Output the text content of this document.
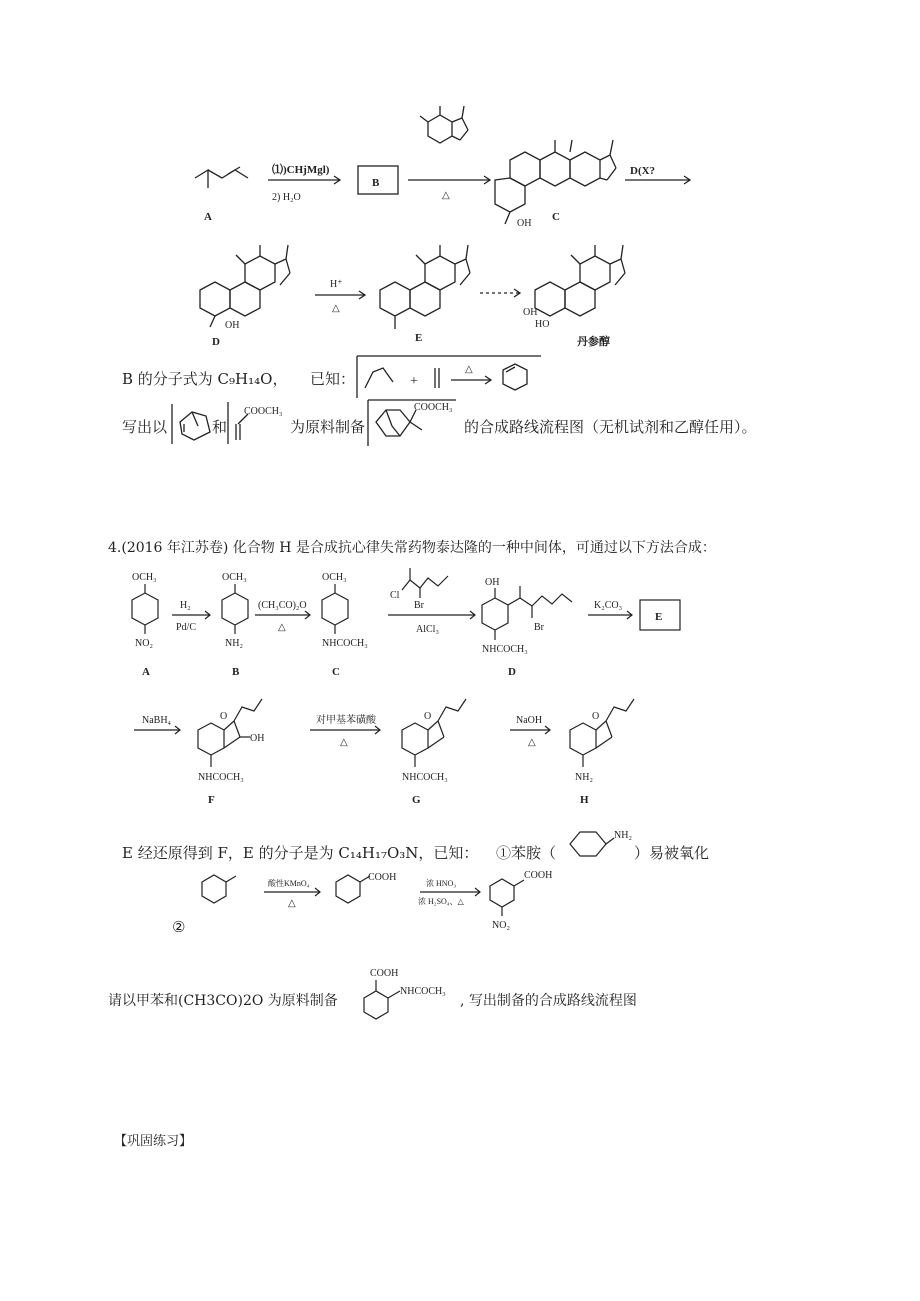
⑴)CHjMgl)
2) H₂O
B
△
D(X?
A	C
OH
H⁺
△
OH
D	E
OH
HO
丹参醇
B 的分子式为 C₉H₁₄O， 已知：	+
△
写出以	和
COOCH₃
为原料制备
COOCH₃
的合成路线流程图（无机试剂和乙醇任用）。
4.(2016 年江苏卷) 化合物 H 是合成抗心律失常药物泰达隆的一种中间体，可通过以下方法合成：
OCH₃
NO₂
A
H₂
Pd/C
OCH₃
NH₂
B
(CH₃CO)₂O
△
OCH₃
NHCOCH₃
C
Cl
Br
AlCl₃
OH
Br
NHCOCH₃
D
K₂CO₃
E
NaBH₄	O
OH
NHCOCH₃
F
对甲基苯磺酸
△
O
NHCOCH₃
G
NaOH
△
O
NH₂
H
E 经还原得到 F，E 的分子是为 C₁₄H₁₇O₃N，已知： ①苯胺（
NH₂
）易被氧化
②
酸性KMnO₄
△
COOH
浓 HNO₃
浓 H₂SO₄、△
COOH
NO₂
请以甲苯和(CH3CO)2O 为原料制备
COOH
NHCOCH₃
, 写出制备的合成路线流程图
【巩固练习】
